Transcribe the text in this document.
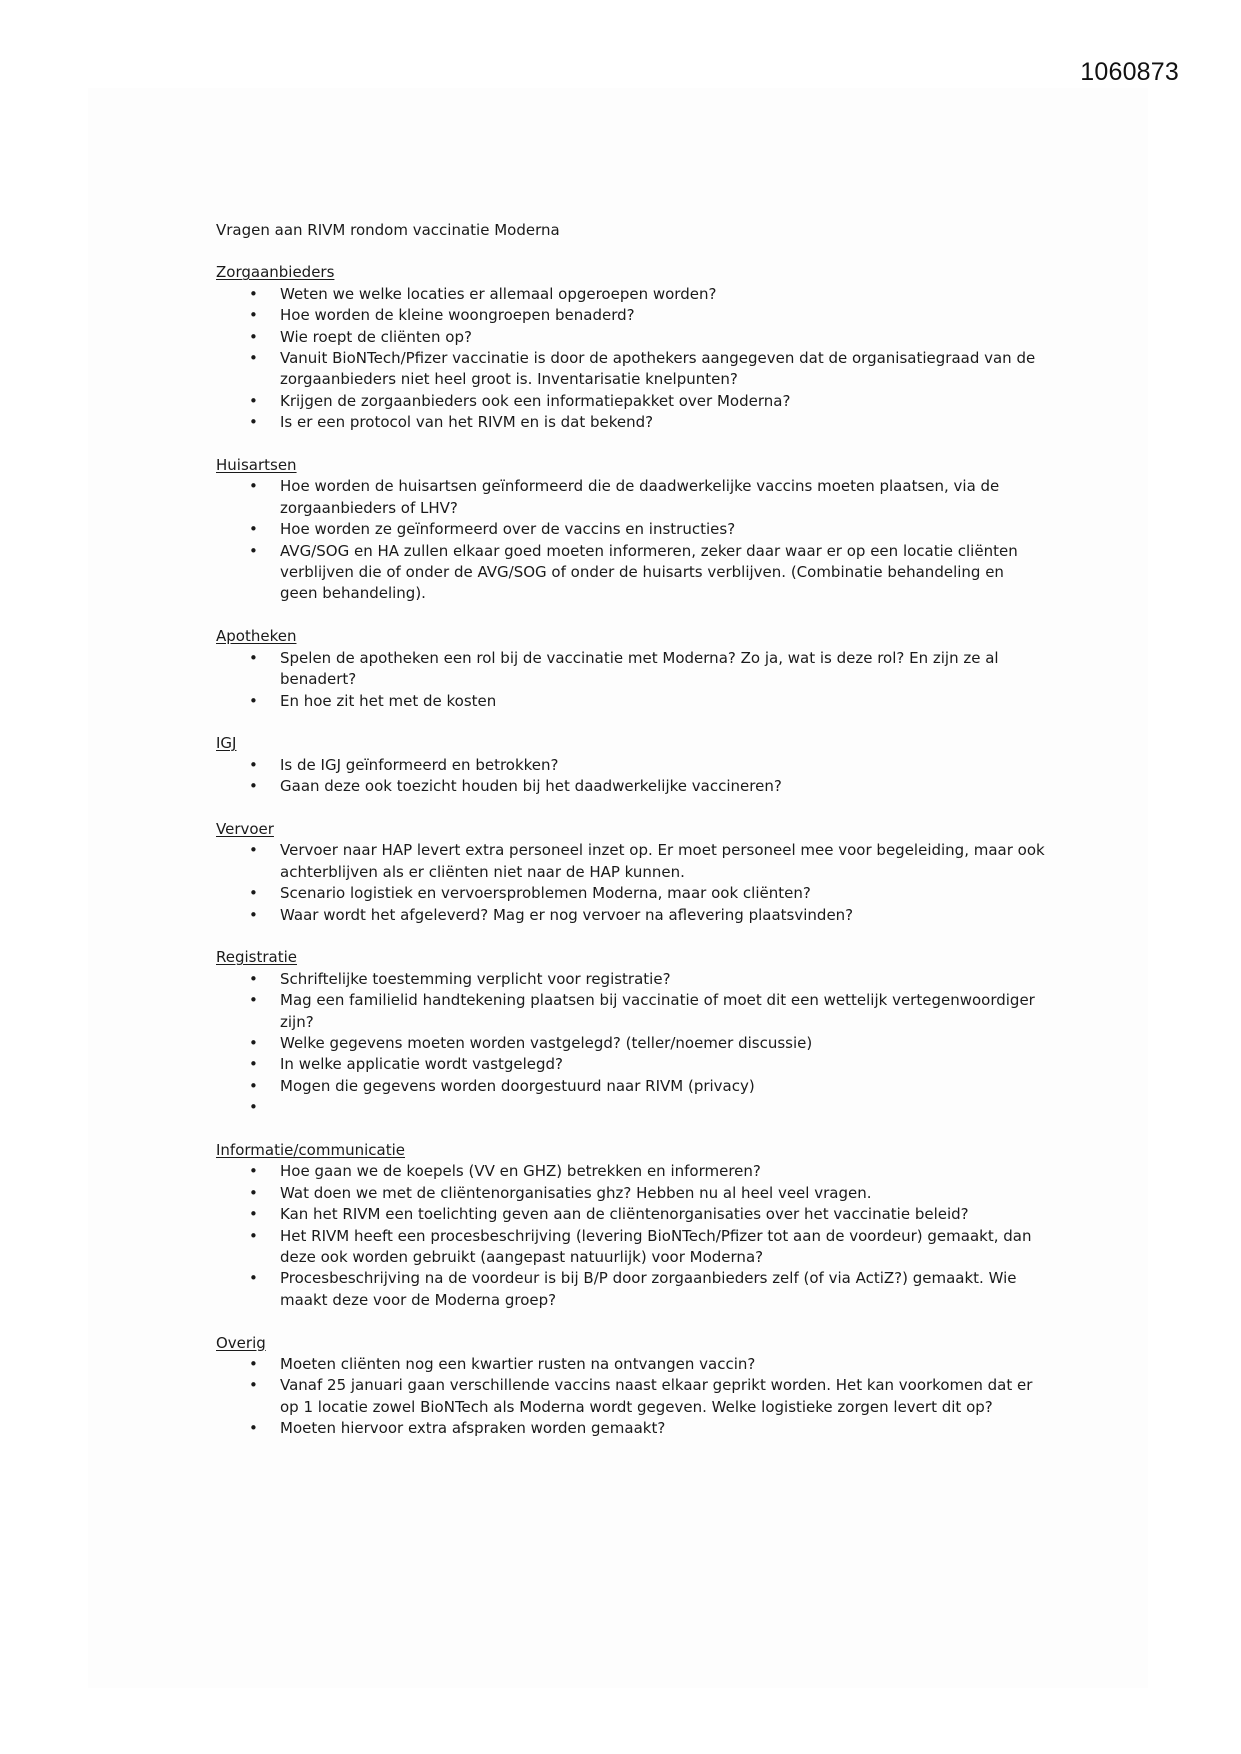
1060873
Vragen aan RIVM rondom vaccinatie Moderna
Zorgaanbieders
• Weten we welke locaties er allemaal opgeroepen worden?
• Hoe worden de kleine woongroepen benaderd?
• Wie roept de cliënten op?
• Vanuit BioNTech/Pfizer vaccinatie is door de apothekers aangegeven dat de organisatiegraad van de zorgaanbieders niet heel groot is. Inventarisatie knelpunten?
• Krijgen de zorgaanbieders ook een informatiepakket over Moderna?
• Is er een protocol van het RIVM en is dat bekend?
Huisartsen
• Hoe worden de huisartsen geïnformeerd die de daadwerkelijke vaccins moeten plaatsen, via de zorgaanbieders of LHV?
• Hoe worden ze geïnformeerd over de vaccins en instructies?
• AVG/SOG en HA zullen elkaar goed moeten informeren, zeker daar waar er op een locatie cliënten verblijven die of onder de AVG/SOG of onder de huisarts verblijven. (Combinatie behandeling en geen behandeling).
Apotheken
• Spelen de apotheken een rol bij de vaccinatie met Moderna? Zo ja, wat is deze rol? En zijn ze al benadert?
• En hoe zit het met de kosten
IGJ
• Is de IGJ geïnformeerd en betrokken?
• Gaan deze ook toezicht houden bij het daadwerkelijke vaccineren?
Vervoer
• Vervoer naar HAP levert extra personeel inzet op. Er moet personeel mee voor begeleiding, maar ook achterblijven als er cliënten niet naar de HAP kunnen.
• Scenario logistiek en vervoersproblemen Moderna, maar ook cliënten?
• Waar wordt het afgeleverd? Mag er nog vervoer na aflevering plaatsvinden?
Registratie
• Schriftelijke toestemming verplicht voor registratie?
• Mag een familielid handtekening plaatsen bij vaccinatie of moet dit een wettelijk vertegenwoordiger zijn?
• Welke gegevens moeten worden vastgelegd? (teller/noemer discussie)
• In welke applicatie wordt vastgelegd?
• Mogen die gegevens worden doorgestuurd naar RIVM (privacy)
•

Informatie/communicatie
• Hoe gaan we de koepels (VV en GHZ) betrekken en informeren?
• Wat doen we met de cliëntenorganisaties ghz? Hebben nu al heel veel vragen.
• Kan het RIVM een toelichting geven aan de cliëntenorganisaties over het vaccinatie beleid?
• Het RIVM heeft een procesbeschrijving (levering BioNTech/Pfizer tot aan de voordeur) gemaakt, dan deze ook worden gebruikt (aangepast natuurlijk) voor Moderna?
• Procesbeschrijving na de voordeur is bij B/P door zorgaanbieders zelf (of via ActiZ?) gemaakt. Wie maakt deze voor de Moderna groep?
Overig
• Moeten cliënten nog een kwartier rusten na ontvangen vaccin?
• Vanaf 25 januari gaan verschillende vaccins naast elkaar geprikt worden. Het kan voorkomen dat er op 1 locatie zowel BioNTech als Moderna wordt gegeven. Welke logistieke zorgen levert dit op?
• Moeten hiervoor extra afspraken worden gemaakt?
